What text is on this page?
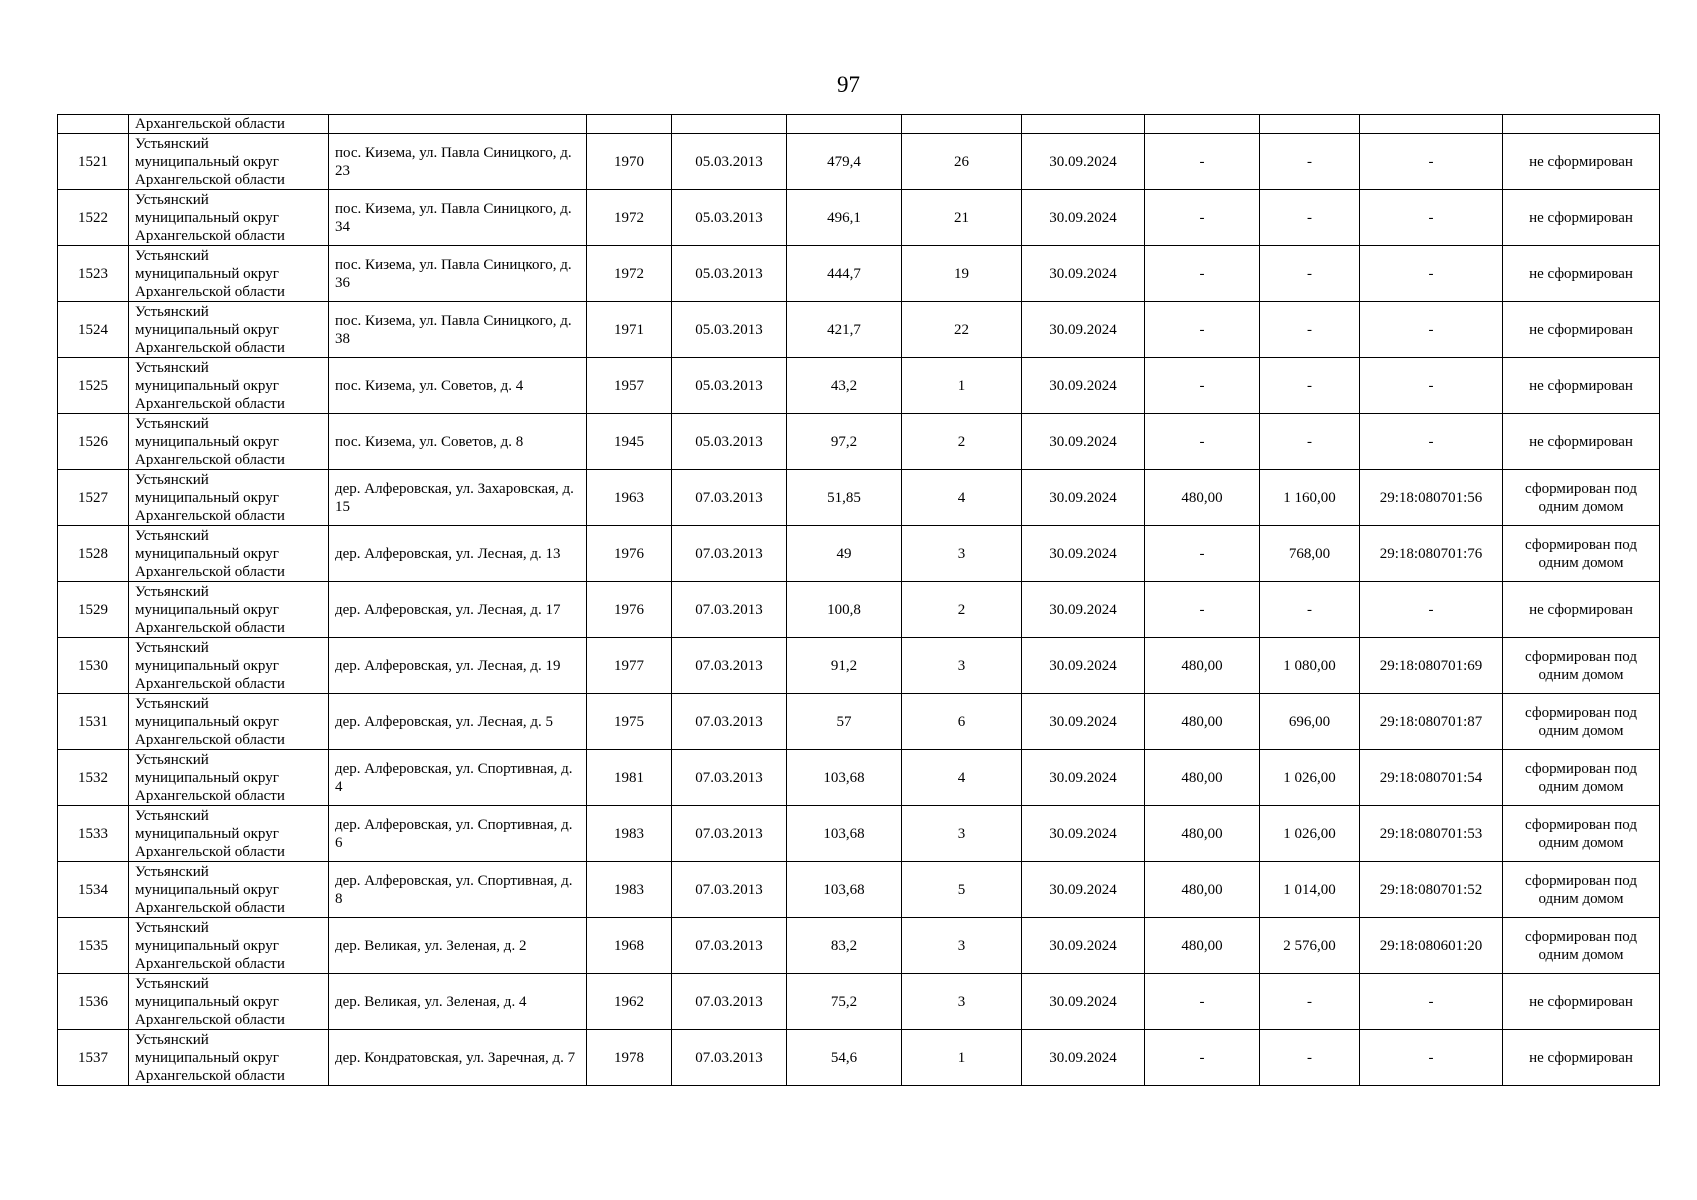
97
	Архангельской области										
1521	Устьянский
муниципальный округ
Архангельской области	пос. Кизема, ул. Павла Синицкого, д. 23	1970	05.03.2013	479,4	26	30.09.2024	-	-	-	не сформирован
1522	Устьянский
муниципальный округ
Архангельской области	пос. Кизема, ул. Павла Синицкого, д. 34	1972	05.03.2013	496,1	21	30.09.2024	-	-	-	не сформирован
1523	Устьянский
муниципальный округ
Архангельской области	пос. Кизема, ул. Павла Синицкого, д. 36	1972	05.03.2013	444,7	19	30.09.2024	-	-	-	не сформирован
1524	Устьянский
муниципальный округ
Архангельской области	пос. Кизема, ул. Павла Синицкого, д. 38	1971	05.03.2013	421,7	22	30.09.2024	-	-	-	не сформирован
1525	Устьянский
муниципальный округ
Архангельской области	пос. Кизема, ул. Советов, д. 4	1957	05.03.2013	43,2	1	30.09.2024	-	-	-	не сформирован
1526	Устьянский
муниципальный округ
Архангельской области	пос. Кизема, ул. Советов, д. 8	1945	05.03.2013	97,2	2	30.09.2024	-	-	-	не сформирован
1527	Устьянский
муниципальный округ
Архангельской области	дер. Алферовская, ул. Захаровская, д. 15	1963	07.03.2013	51,85	4	30.09.2024	480,00	1 160,00	29:18:080701:56	сформирован под одним домом
1528	Устьянский
муниципальный округ
Архангельской области	дер. Алферовская, ул. Лесная, д. 13	1976	07.03.2013	49	3	30.09.2024	-	768,00	29:18:080701:76	сформирован под одним домом
1529	Устьянский
муниципальный округ
Архангельской области	дер. Алферовская, ул. Лесная, д. 17	1976	07.03.2013	100,8	2	30.09.2024	-	-	-	не сформирован
1530	Устьянский
муниципальный округ
Архангельской области	дер. Алферовская, ул. Лесная, д. 19	1977	07.03.2013	91,2	3	30.09.2024	480,00	1 080,00	29:18:080701:69	сформирован под одним домом
1531	Устьянский
муниципальный округ
Архангельской области	дер. Алферовская, ул. Лесная, д. 5	1975	07.03.2013	57	6	30.09.2024	480,00	696,00	29:18:080701:87	сформирован под одним домом
1532	Устьянский
муниципальный округ
Архангельской области	дер. Алферовская, ул. Спортивная, д. 4	1981	07.03.2013	103,68	4	30.09.2024	480,00	1 026,00	29:18:080701:54	сформирован под одним домом
1533	Устьянский
муниципальный округ
Архангельской области	дер. Алферовская, ул. Спортивная, д. 6	1983	07.03.2013	103,68	3	30.09.2024	480,00	1 026,00	29:18:080701:53	сформирован под одним домом
1534	Устьянский
муниципальный округ
Архангельской области	дер. Алферовская, ул. Спортивная, д. 8	1983	07.03.2013	103,68	5	30.09.2024	480,00	1 014,00	29:18:080701:52	сформирован под одним домом
1535	Устьянский
муниципальный округ
Архангельской области	дер. Великая, ул. Зеленая, д. 2	1968	07.03.2013	83,2	3	30.09.2024	480,00	2 576,00	29:18:080601:20	сформирован под одним домом
1536	Устьянский
муниципальный округ
Архангельской области	дер. Великая, ул. Зеленая, д. 4	1962	07.03.2013	75,2	3	30.09.2024	-	-	-	не сформирован
1537	Устьянский
муниципальный округ
Архангельской области	дер. Кондратовская, ул. Заречная, д. 7	1978	07.03.2013	54,6	1	30.09.2024	-	-	-	не сформирован
